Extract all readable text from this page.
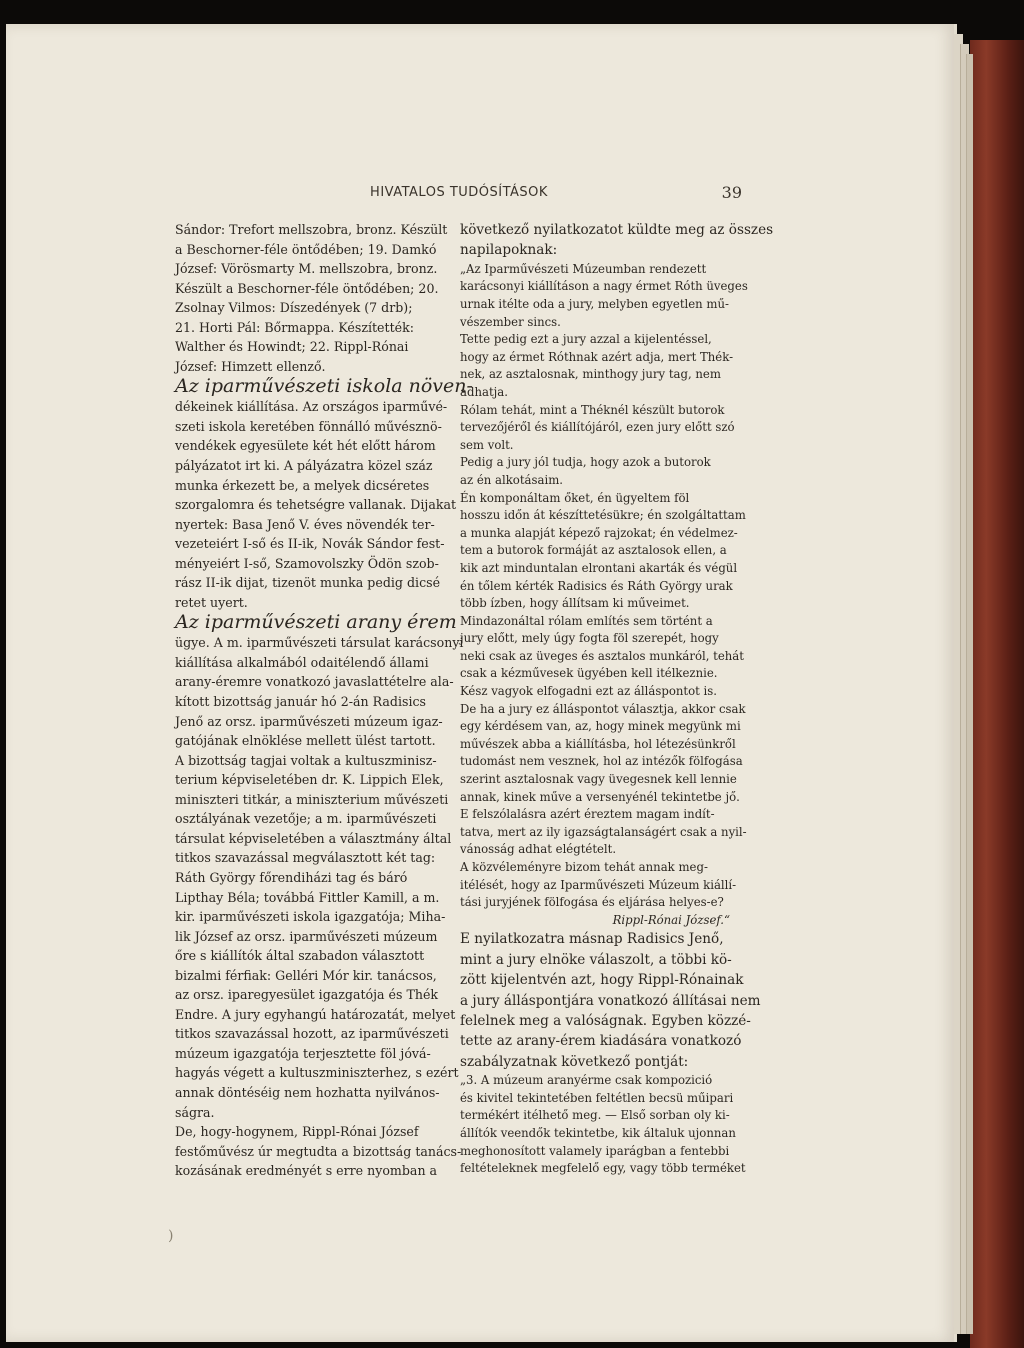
HIVATALOS TUDÓSÍTÁSOK	39
Sándor: Trefort mellszobra, bronz. Készült
a Beschorner-féle öntődében; 19. Damkó
József: Vörösmarty M. mellszobra, bronz.
Készült a Beschorner-féle öntődében; 20.
Zsolnay Vilmos: Díszedények (7 drb);
21. Horti Pál: Bőrmappa. Készítették:
Walther és Howindt; 22. Rippl-Rónai
József: Himzett ellenző.
Az iparművészeti iskola növen-
dékeinek kiállítása. Az országos iparművé-
szeti iskola keretében fönnálló művésznö-
vendékek egyesülete két hét előtt három
pályázatot irt ki. A pályázatra közel száz
munka érkezett be, a melyek dicséretes
szorgalomra és tehetségre vallanak. Dijakat
nyertek: Basa Jenő V. éves növendék ter-
vezeteiért I-ső és II-ik, Novák Sándor fest-
ményeiért I-ső, Szamovolszky Ödön szob-
rász II-ik dijat, tizenöt munka pedig dicsé
retet uyert.
Az iparművészeti arany érem
ügye. A m. iparművészeti társulat karácsonyi
kiállítása alkalmából odaitélendő állami
arany-éremre vonatkozó javaslattételre ala-
kított bizottság január hó 2-án Radisics
Jenő az orsz. iparművészeti múzeum igaz-
gatójának elnöklése mellett ülést tartott.
A bizottság tagjai voltak a kultuszminisz-
terium képviseletében dr. K. Lippich Elek,
miniszteri titkár, a miniszterium művészeti
osztályának vezetője; a m. iparművészeti
társulat képviseletében a választmány által
titkos szavazással megválasztott két tag:
Ráth György főrendiházi tag és báró
Lipthay Béla; továbbá Fittler Kamill, a m.
kir. iparművészeti iskola igazgatója; Miha-
lik József az orsz. iparművészeti múzeum
őre s kiállítók által szabadon választott
bizalmi férfiak: Gelléri Mór kir. tanácsos,
az orsz. iparegyesület igazgatója és Thék
Endre. A jury egyhangú határozatát, melyet
titkos szavazással hozott, az iparművészeti
múzeum igazgatója terjesztette föl jóvá-
hagyás végett a kultuszminiszterhez, s ezért
annak döntéséig nem hozhatta nyilvános-
ságra.
De, hogy-hogynem, Rippl-Rónai József
festőművész úr megtudta a bizottság tanács-
kozásának eredményét s erre nyomban a
következő nyilatkozatot küldte meg az összes
napilapoknak:
„Az Iparművészeti Múzeumban rendezett
karácsonyi kiállításon a nagy érmet Róth üveges
urnak itélte oda a jury, melyben egyetlen mű-
vészember sincs.
Tette pedig ezt a jury azzal a kijelentéssel,
hogy az érmet Róthnak azért adja, mert Thék-
nek, az asztalosnak, minthogy jury tag, nem
adhatja.
Rólam tehát, mint a Théknél készült butorok
tervezőjéről és kiállítójáról, ezen jury előtt szó
sem volt.
Pedig a jury jól tudja, hogy azok a butorok
az én alkotásaim.
Én komponáltam őket, én ügyeltem föl
hosszu időn át készíttetésükre; én szolgáltattam
a munka alapját képező rajzokat; én védelmez-
tem a butorok formáját az asztalosok ellen, a
kik azt minduntalan elrontani akarták és végül
én tőlem kérték Radisics és Ráth György urak
több ízben, hogy állítsam ki műveimet.
Mindazonáltal rólam említés sem történt a
jury előtt, mely úgy fogta föl szerepét, hogy
neki csak az üveges és asztalos munkáról, tehát
csak a kézművesek ügyében kell itélkeznie.
Kész vagyok elfogadni ezt az álláspontot is.
De ha a jury ez álláspontot választja, akkor csak
egy kérdésem van, az, hogy minek megyünk mi
művészek abba a kiállításba, hol létezésünkről
tudomást nem vesznek, hol az intézők fölfogása
szerint asztalosnak vagy üvegesnek kell lennie
annak, kinek műve a versenyénél tekintetbe jő.
E felszólalásra azért éreztem magam indít-
tatva, mert az ily igazságtalanságért csak a nyil-
vánosság adhat elégtételt.
A közvéleményre bizom tehát annak meg-
itélését, hogy az Iparművészeti Múzeum kiállí-
tási juryjének fölfogása és eljárása helyes-e?
Rippl-Rónai József.“
E nyilatkozatra másnap Radisics Jenő,
mint a jury elnöke válaszolt, a többi kö-
zött kijelentvén azt, hogy Rippl-Rónainak
a jury álláspontjára vonatkozó állításai nem
felelnek meg a valóságnak. Egyben közzé-
tette az arany-érem kiadására vonatkozó
szabályzatnak következő pontját:
„3. A múzeum aranyérme csak kompozició
és kivitel tekintetében feltétlen becsü műipari
termékért itélhető meg. — Első sorban oly ki-
állítók veendők tekintetbe, kik általuk ujonnan
meghonosított valamely iparágban a fentebbi
feltételeknek megfelelő egy, vagy több terméket
)
